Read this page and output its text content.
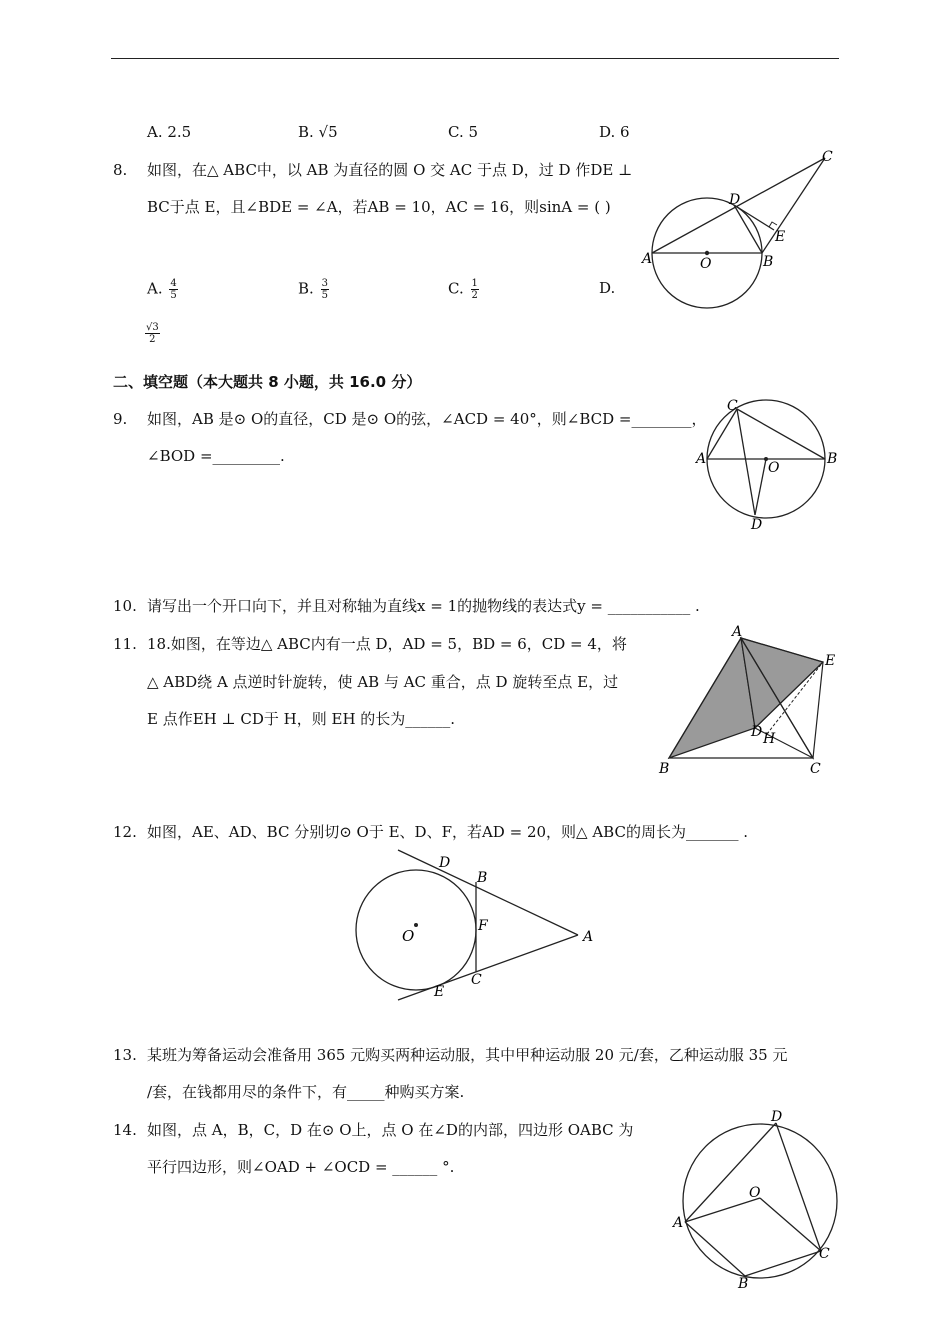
A. 2.5	B. √5	C. 5	D. 6
8. 如图，在△ ABC中，以 AB 为直径的圆 O 交 AC 于点 D，过 D 作DE ⊥
BC于点 E，且∠BDE = ∠A，若AB = 10，AC = 16，则sinA = ( )
A. $\frac{4}{5}$	B. $\frac{3}{5}$	C. $\frac{1}{2}$	D.
$\frac{√3}{2}$
C
D
E
A	O	B
二、填空题（本大题共 8 小题，共 16.0 分）
9. 如图，AB 是⊙ O的直径，CD 是⊙ O的弦，∠ACD = 40°，则∠BCD =________，
∠BOD =_________.
C
A
O
B
D
10. 请写出一个开口向下，并且对称轴为直线x = 1的抛物线的表达式y = ___________ .
11. 18.如图，在等边△ ABC内有一点 D，AD = 5，BD = 6，CD = 4，将
△ ABD绕 A 点逆时针旋转，使 AB 与 AC 重合，点 D 旋转至点 E，过
E 点作EH ⊥ CD于 H，则 EH 的长为______.
A
E
D H
B	C
12. 如图，AE、AD、BC 分别切⊙ O于 E、D、F，若AD = 20，则△ ABC的周长为_______ .
D
B
F
O	A
C
E
13. 某班为筹备运动会准备用 365 元购买两种运动服，其中甲种运动服 20 元/套，乙种运动服 35 元
/套，在钱都用尽的条件下，有_____种购买方案.
14. 如图，点 A，B，C，D 在⊙ O上，点 O 在∠D的内部，四边形 OABC 为
平行四边形，则∠OAD + ∠OCD = ______ °.
D
O
A
C
B
